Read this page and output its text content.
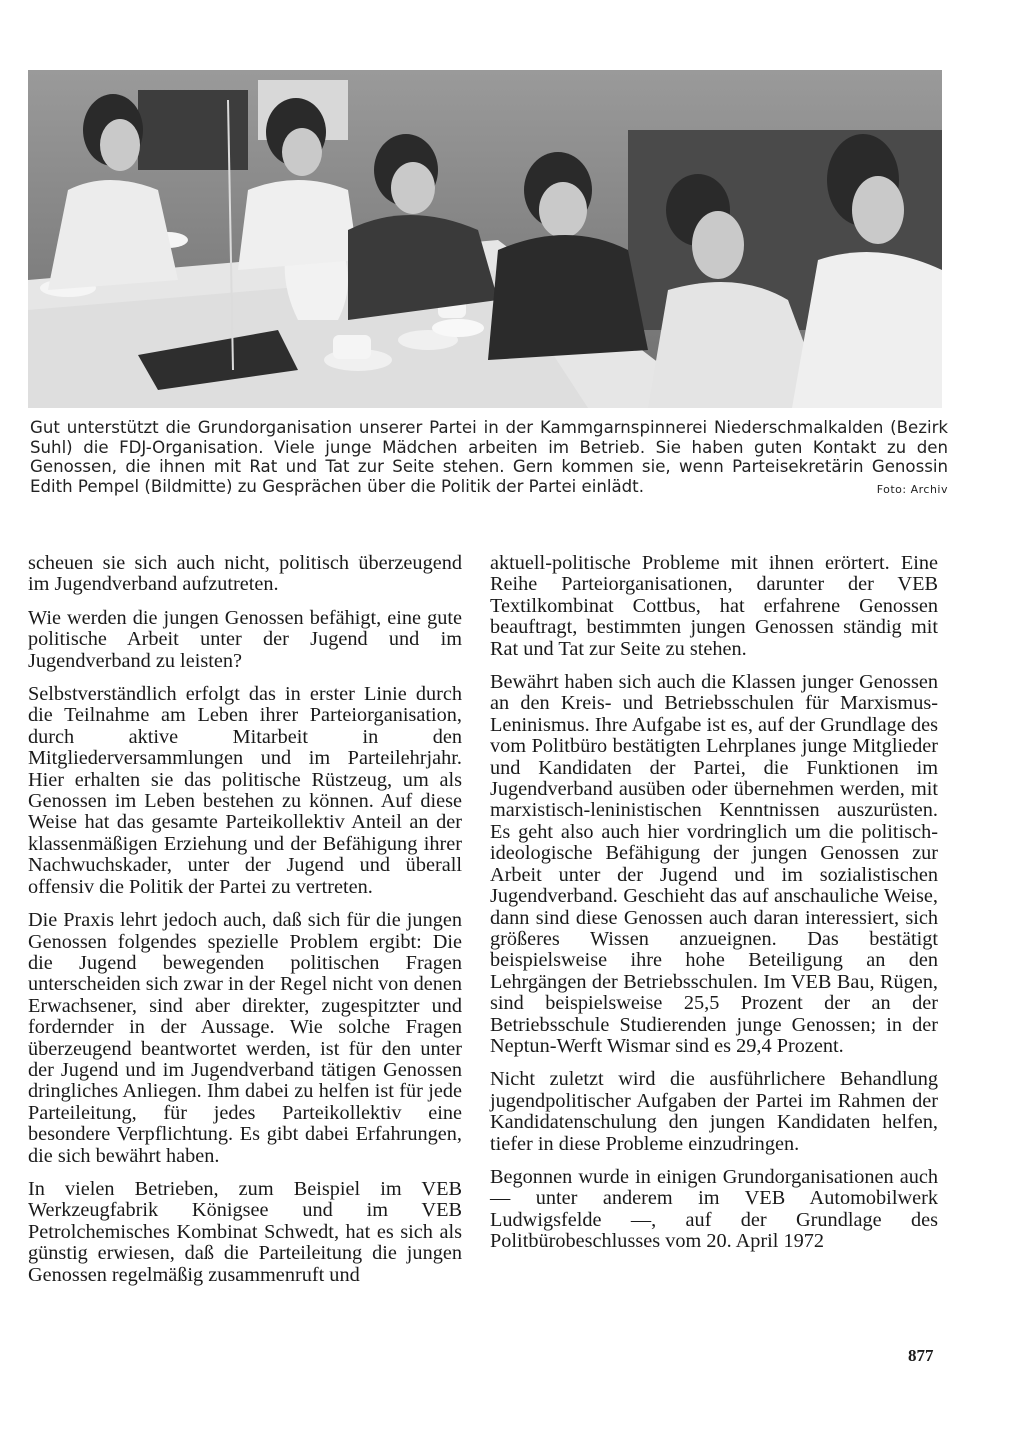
Gut unterstützt die Grundorganisation unserer Partei in der Kammgarnspinnerei Niederschmalkalden (Bezirk Suhl) die FDJ-Organisation. Viele junge Mädchen arbeiten im Betrieb. Sie haben guten Kontakt zu den Genossen, die ihnen mit Rat und Tat zur Seite stehen. Gern kommen sie, wenn Parteisekretärin Genossin Edith Pempel (Bildmitte) zu Gesprächen über die Politik der Partei einlädt.	Foto: Archiv

scheuen sie sich auch nicht, politisch überzeugend im Jugendverband aufzutreten.

Wie werden die jungen Genossen befähigt, eine gute politische Arbeit unter der Jugend und im Jugendverband zu leisten?

Selbstverständlich erfolgt das in erster Linie durch die Teilnahme am Leben ihrer Parteiorganisation, durch aktive Mitarbeit in den Mitgliederversammlungen und im Parteilehrjahr. Hier erhalten sie das politische Rüstzeug, um als Genossen im Leben bestehen zu können. Auf diese Weise hat das gesamte Parteikollektiv Anteil an der klassenmäßigen Erziehung und der Befähigung ihrer Nachwuchskader, unter der Jugend und überall offensiv die Politik der Partei zu vertreten.

Die Praxis lehrt jedoch auch, daß sich für die jungen Genossen folgendes spezielle Problem ergibt: Die die Jugend bewegenden politischen Fragen unterscheiden sich zwar in der Regel nicht von denen Erwachsener, sind aber direkter, zugespitzter und fordernder in der Aussage. Wie solche Fragen überzeugend beantwortet werden, ist für den unter der Jugend und im Jugendverband tätigen Genossen dringliches Anliegen. Ihm dabei zu helfen ist für jede Parteileitung, für jedes Parteikollektiv eine besondere Verpflichtung. Es gibt dabei Erfahrungen, die sich bewährt haben.

In vielen Betrieben, zum Beispiel im VEB Werkzeugfabrik Königsee und im VEB Petrolchemisches Kombinat Schwedt, hat es sich als günstig erwiesen, daß die Parteileitung die jungen Genossen regelmäßig zusammenruft und

aktuell-politische Probleme mit ihnen erörtert. Eine Reihe Parteiorganisationen, darunter der VEB Textilkombinat Cottbus, hat erfahrene Genossen beauftragt, bestimmten jungen Genossen ständig mit Rat und Tat zur Seite zu stehen.

Bewährt haben sich auch die Klassen junger Genossen an den Kreis- und Betriebsschulen für Marxismus-Leninismus. Ihre Aufgabe ist es, auf der Grundlage des vom Politbüro bestätigten Lehrplanes junge Mitglieder und Kandidaten der Partei, die Funktionen im Jugendverband ausüben oder übernehmen werden, mit marxistisch-leninistischen Kenntnissen auszurüsten. Es geht also auch hier vordringlich um die politisch-ideologische Befähigung der jungen Genossen zur Arbeit unter der Jugend und im sozialistischen Jugendverband. Geschieht das auf anschauliche Weise, dann sind diese Genossen auch daran interessiert, sich größeres Wissen anzueignen. Das bestätigt beispielsweise ihre hohe Beteiligung an den Lehrgängen der Betriebsschulen. Im VEB Bau, Rügen, sind beispielsweise 25,5 Prozent der an der Betriebsschule Studierenden junge Genossen; in der Neptun-Werft Wismar sind es 29,4 Prozent.

Nicht zuletzt wird die ausführlichere Behandlung jugendpolitischer Aufgaben der Partei im Rahmen der Kandidatenschulung den jungen Kandidaten helfen, tiefer in diese Probleme einzudringen.

Begonnen wurde in einigen Grundorganisationen auch — unter anderem im VEB Automobilwerk Ludwigsfelde —, auf der Grundlage des Politbürobeschlusses vom 20. April 1972

877
